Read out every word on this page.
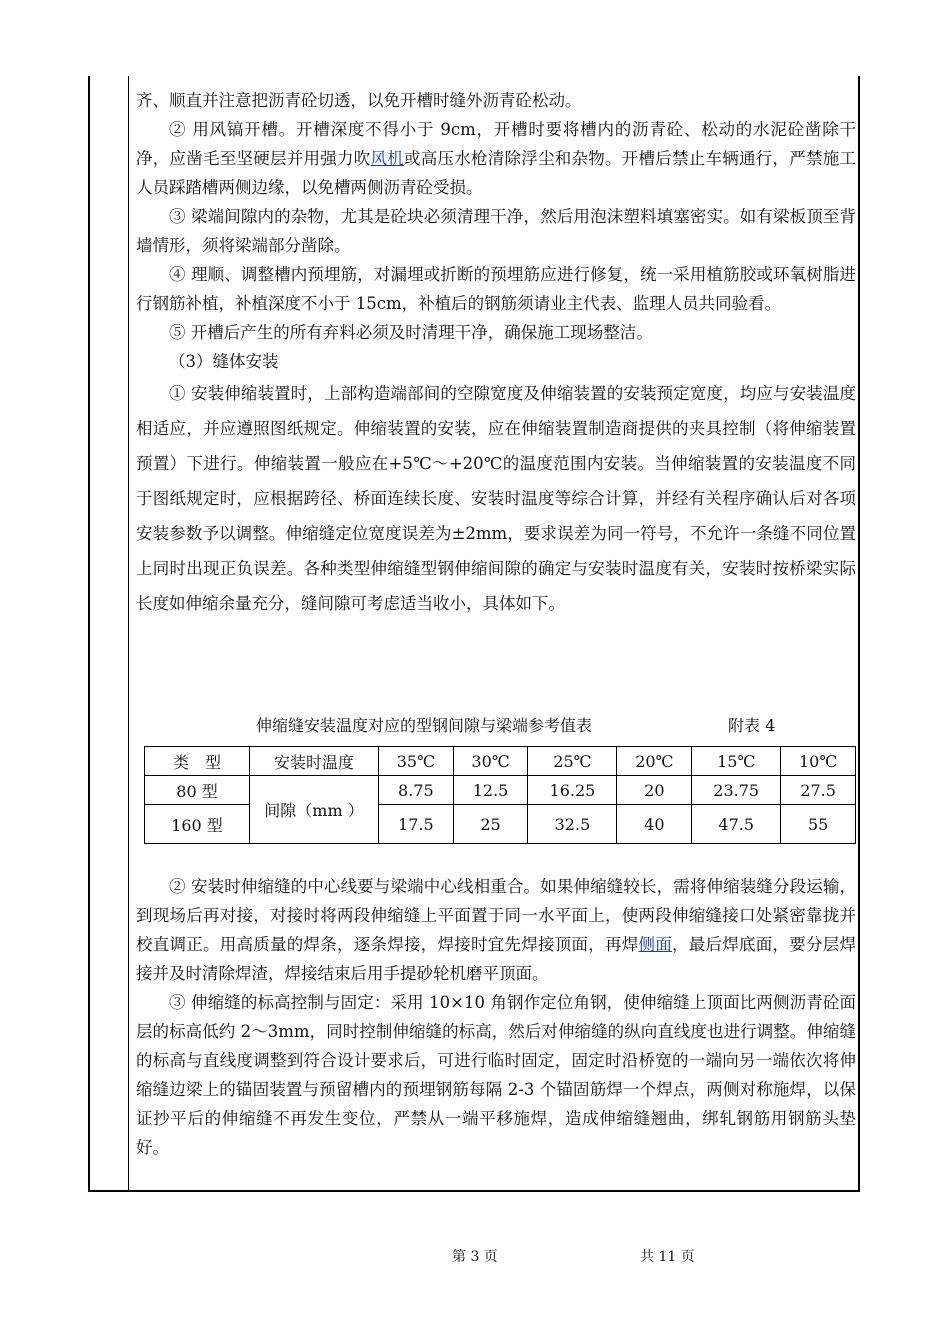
齐、顺直并注意把沥青砼切透，以免开槽时缝外沥青砼松动。

② 用风镐开槽。开槽深度不得小于 9cm，开槽时要将槽内的沥青砼、松动的水泥砼凿除干净，应凿毛至坚硬层并用强力吹风机或高压水枪清除浮尘和杂物。开槽后禁止车辆通行，严禁施工人员踩踏槽两侧边缘，以免槽两侧沥青砼受损。

③ 梁端间隙内的杂物，尤其是砼块必须清理干净，然后用泡沫塑料填塞密实。如有梁板顶至背墙情形，须将梁端部分凿除。

④ 理顺、调整槽内预埋筋，对漏埋或折断的预埋筋应进行修复，统一采用植筋胶或环氧树脂进行钢筋补植，补植深度不小于 15cm，补植后的钢筋须请业主代表、监理人员共同验看。

⑤ 开槽后产生的所有弃料必须及时清理干净，确保施工现场整洁。

（3）缝体安装

① 安装伸缩装置时，上部构造端部间的空隙宽度及伸缩装置的安装预定宽度，均应与安装温度相适应，并应遵照图纸规定。伸缩装置的安装，应在伸缩装置制造商提供的夹具控制（将伸缩装置预置）下进行。伸缩装置一般应在+5℃～+20℃的温度范围内安装。当伸缩装置的安装温度不同于图纸规定时，应根据跨径、桥面连续长度、安装时温度等综合计算，并经有关程序确认后对各项安装参数予以调整。伸缩缝定位宽度误差为±2mm，要求误差为同一符号，不允许一条缝不同位置上同时出现正负误差。各种类型伸缩缝型钢伸缩间隙的确定与安装时温度有关，安装时按桥梁实际长度如伸缩余量充分，缝间隙可考虑适当收小，具体如下。

伸缩缝安装温度对应的型钢间隙与梁端参考值表	附表 4
类　型	安装时温度	35℃	30℃	25℃	20℃	15℃	10℃
80 型	间隙（mm ）	8.75	12.5	16.25	20	23.75	27.5
160 型		17.5	25	32.5	40	47.5	55

② 安装时伸缩缝的中心线要与梁端中心线相重合。如果伸缩缝较长，需将伸缩装缝分段运输，到现场后再对接，对接时将两段伸缩缝上平面置于同一水平面上，使两段伸缩缝接口处紧密靠拢并校直调正。用高质量的焊条，逐条焊接，焊接时宜先焊接顶面，再焊侧面，最后焊底面，要分层焊接并及时清除焊渣，焊接结束后用手提砂轮机磨平顶面。

③ 伸缩缝的标高控制与固定：采用 10×10 角钢作定位角钢，使伸缩缝上顶面比两侧沥青砼面层的标高低约 2～3mm，同时控制伸缩缝的标高，然后对伸缩缝的纵向直线度也进行调整。伸缩缝的标高与直线度调整到符合设计要求后，可进行临时固定，固定时沿桥宽的一端向另一端依次将伸缩缝边梁上的锚固装置与预留槽内的预埋钢筋每隔 2-3 个锚固筋焊一个焊点，两侧对称施焊，以保证抄平后的伸缩缝不再发生变位，严禁从一端平移施焊，造成伸缩缝翘曲，绑轧钢筋用钢筋头垫好。

第 3 页	共 11 页
